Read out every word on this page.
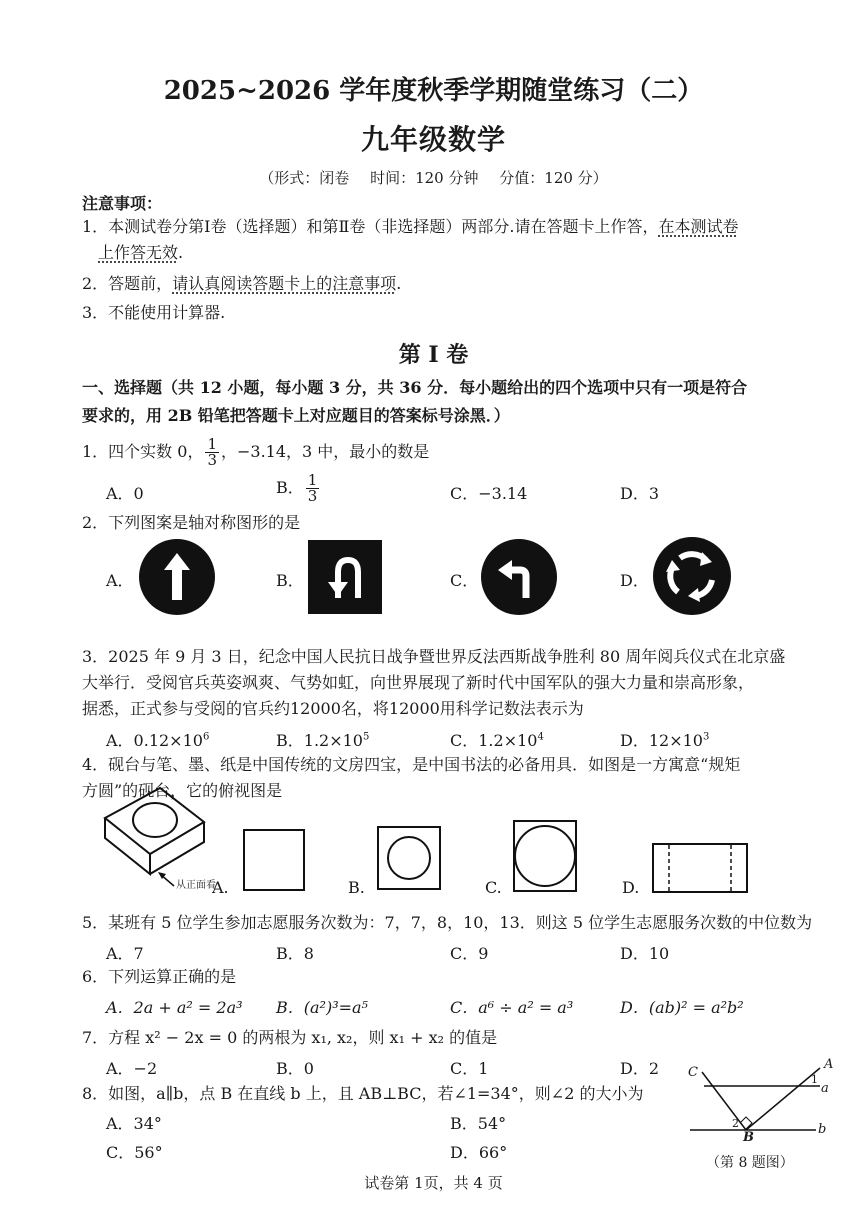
2025~2026 学年度秋季学期随堂练习（二）
九年级数学
（形式：闭卷 时间：120 分钟 分值：120 分）
注意事项：
1．本测试卷分第Ⅰ卷（选择题）和第Ⅱ卷（非选择题）两部分.请在答题卡上作答，在本测试卷
上作答无效.
2．答题前，请认真阅读答题卡上的注意事项.
3．不能使用计算器.
第 Ⅰ 卷
一、选择题（共 12 小题，每小题 3 分，共 36 分．每小题给出的四个选项中只有一项是符合
要求的，用 2B 铅笔把答题卡上对应题目的答案标号涂黑．）
1．四个实数 0， $\frac{1}{3}$ ，−3.14，3 中，最小的数是
A．0	B． $\frac{1}{3}$	C．−3.14	D．3
2．下列图案是轴对称图形的是
A．	B．	C．	D．
3．2025 年 9 月 3 日，纪念中国人民抗日战争暨世界反法西斯战争胜利 80 周年阅兵仪式在北京盛
大举行．受阅官兵英姿飒爽、气势如虹，向世界展现了新时代中国军队的强大力量和崇高形象，
据悉，正式参与受阅的官兵约12000名，将12000用科学记数法表示为
A．$0.12\times 10^6$	B．$1.2\times 10^5$	C．$1.2\times 10^4$	D．$12\times 10^3$
4．砚台与笔、墨、纸是中国传统的文房四宝，是中国书法的必备用具．如图是一方寓意“规矩
方圆”的砚台，它的俯视图是
从正面看
A.	B.	C.	D.
5．某班有 5 位学生参加志愿服务次数为：7，7，8，10，13．则这 5 位学生志愿服务次数的中位数为
A．7	B．8	C．9	D．10
6．下列运算正确的是
A．2a + a² = 2a³ B．(a²)³=a⁵	C．a⁶ ÷ a² = a³	D．(ab)² = a²b²
7．方程 x² − 2x = 0 的两根为 x₁, x₂，则 x₁ + x₂ 的值是
A．−2	B．0	C．1	D．2
8．如图，a∥b，点 B 在直线 b 上，且 AB⊥BC，若∠1=34°，则∠2 的大小为
A．34°	B．54°
C．56°	D．66°
C
A
a
1
2
B
b
（第 8 题图）
试卷第 1页，共 4 页
